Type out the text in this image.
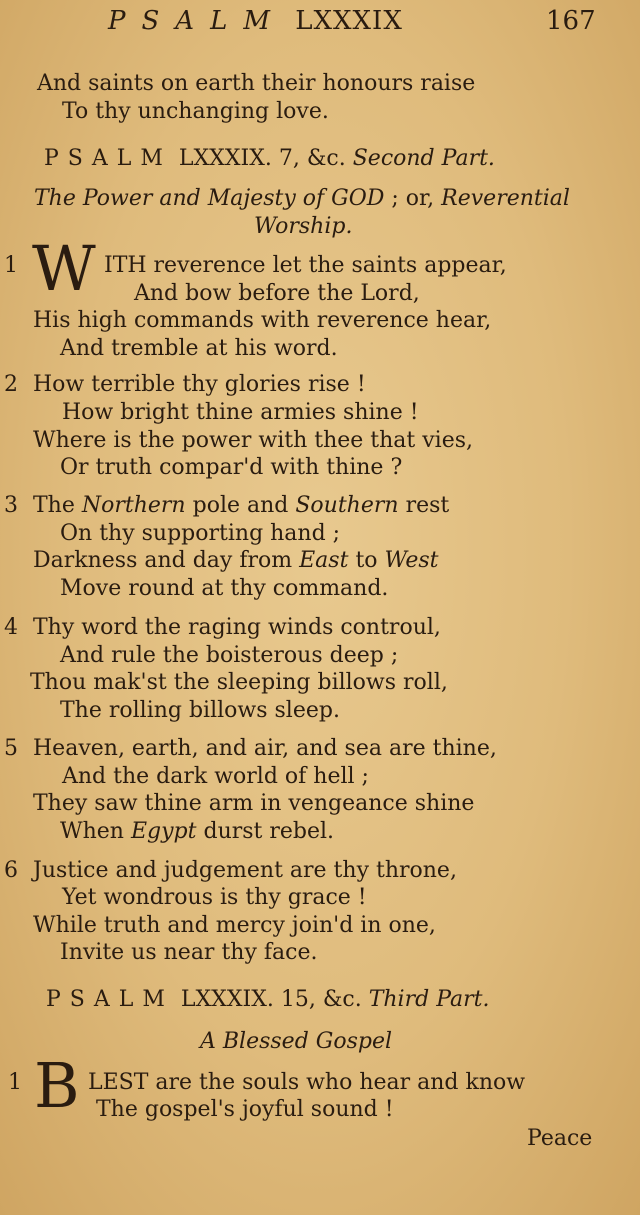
PSALM LXXXIX	167
And saints on earth their honours raise
To thy unchanging love.
PSALM LXXXIX. 7, &c. Second Part.
The Power and Majesty of GOD ; or, Reverential
Worship.
1 W ITH reverence let the saints appear,
And bow before the Lord,
His high commands with reverence hear,
And tremble at his word.
2 How terrible thy glories rise !
How bright thine armies shine !
Where is the power with thee that vies,
Or truth compar'd with thine ?
3 The Northern pole and Southern rest
On thy supporting hand ;
Darkness and day from East to West
Move round at thy command.
4 Thy word the raging winds controul,
And rule the boisterous deep ;
Thou mak'st the sleeping billows roll,
The rolling billows sleep.
5 Heaven, earth, and air, and sea are thine,
And the dark world of hell ;
They saw thine arm in vengeance shine
When Egypt durst rebel.
6 Justice and judgement are thy throne,
Yet wondrous is thy grace !
While truth and mercy join'd in one,
Invite us near thy face.
PSALM LXXXIX. 15, &c. Third Part.
A Blessed Gospel
1 B LEST are the souls who hear and know
The gospel's joyful sound !
Peace
